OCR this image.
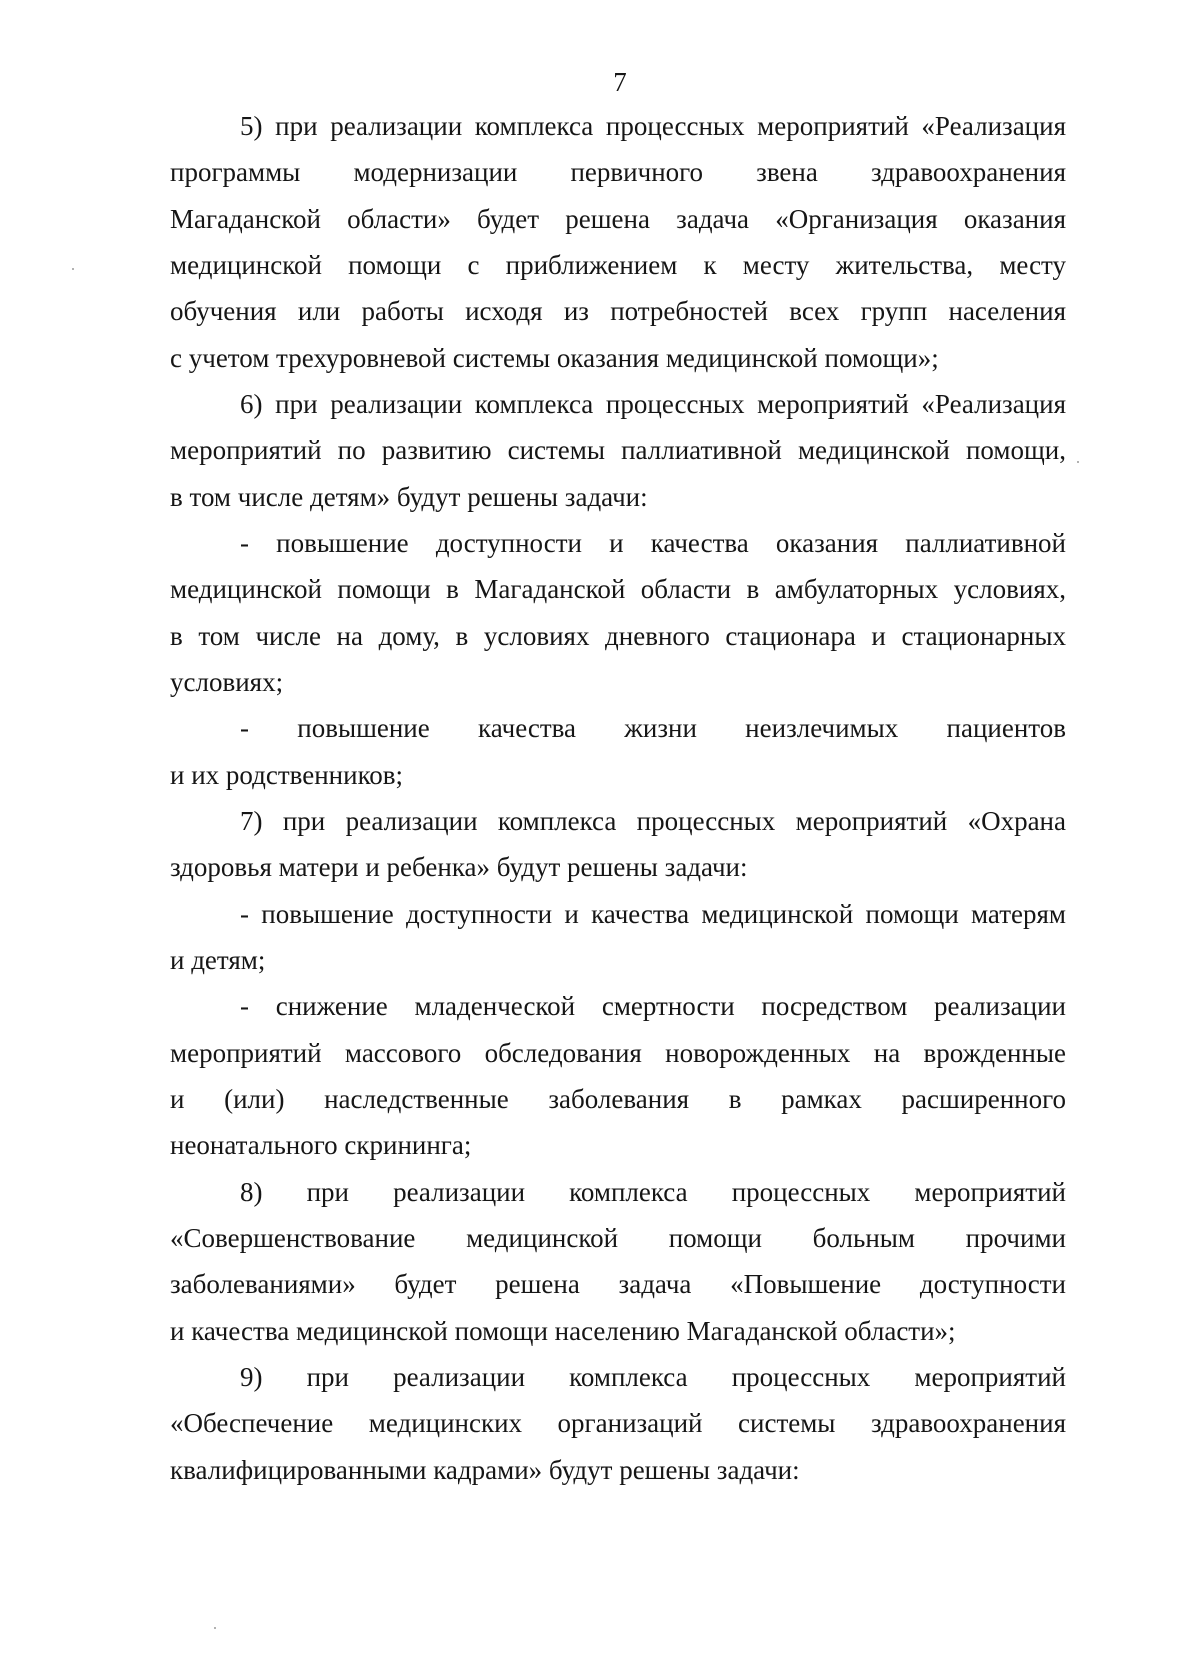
7
5) при реализации комплекса процессных мероприятий «Реализация
программы модернизации первичного звена здравоохранения
Магаданской области» будет решена задача «Организация оказания
медицинской помощи с приближением к месту жительства, месту
обучения или работы исходя из потребностей всех групп населения
с учетом трехуровневой системы оказания медицинской помощи»;
6) при реализации комплекса процессных мероприятий «Реализация
мероприятий по развитию системы паллиативной медицинской помощи,
в том числе детям» будут решены задачи:
- повышение доступности и качества оказания паллиативной
медицинской помощи в Магаданской области в амбулаторных условиях,
в том числе на дому, в условиях дневного стационара и стационарных
условиях;
- повышение качества жизни неизлечимых пациентов
и их родственников;
7) при реализации комплекса процессных мероприятий «Охрана
здоровья матери и ребенка» будут решены задачи:
- повышение доступности и качества медицинской помощи матерям
и детям;
- снижение младенческой смертности посредством реализации
мероприятий массового обследования новорожденных на врожденные
и (или) наследственные заболевания в рамках расширенного
неонатального скрининга;
8) при реализации комплекса процессных мероприятий
«Совершенствование медицинской помощи больным прочими
заболеваниями» будет решена задача «Повышение доступности
и качества медицинской помощи населению Магаданской области»;
9) при реализации комплекса процессных мероприятий
«Обеспечение медицинских организаций системы здравоохранения
квалифицированными кадрами» будут решены задачи:
